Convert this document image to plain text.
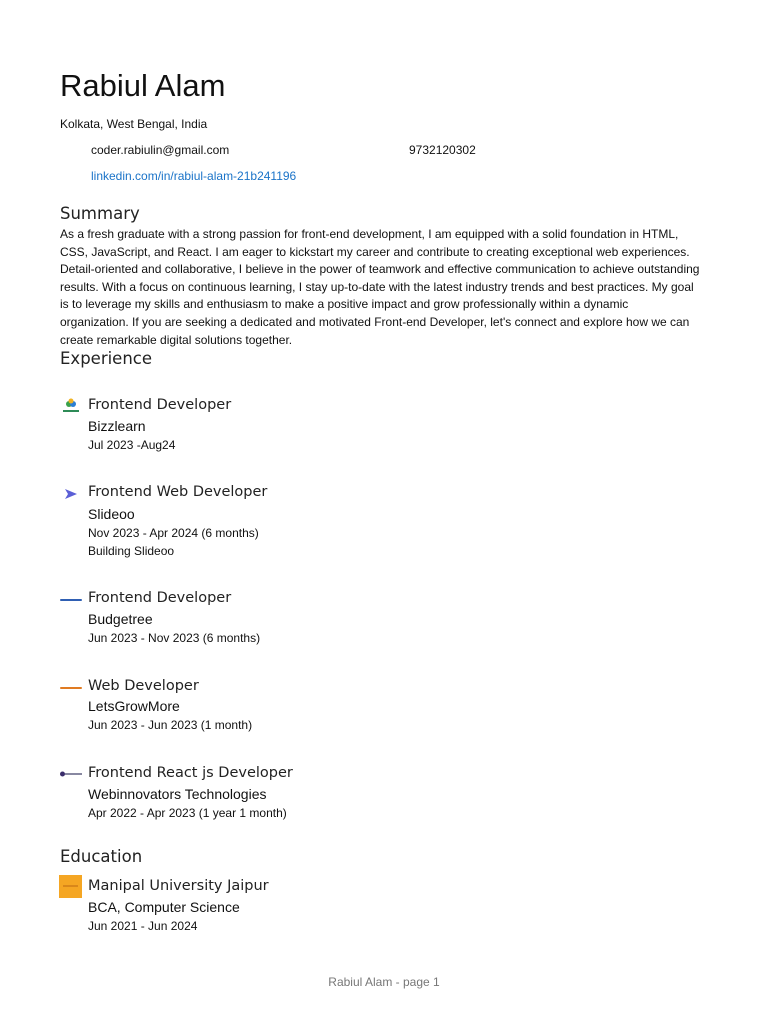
Rabiul Alam
Kolkata, West Bengal, India
coder.rabiulin@gmail.com	9732120302
linkedin.com/in/rabiul-alam-21b241196
Summary
As a fresh graduate with a strong passion for front-end development, I am equipped with a solid foundation in HTML, CSS, JavaScript, and React. I am eager to kickstart my career and contribute to creating exceptional web experiences. Detail-oriented and collaborative, I believe in the power of teamwork and effective communication to achieve outstanding results. With a focus on continuous learning, I stay up-to-date with the latest industry trends and best practices. My goal is to leverage my skills and enthusiasm to make a positive impact and grow professionally within a dynamic organization. If you are seeking a dedicated and motivated Front-end Developer, let's connect and explore how we can create remarkable digital solutions together.
Experience
Frontend Developer
Bizzlearn
Jul 2023 -Aug24
Frontend Web Developer
Slideoo
Nov 2023 - Apr 2024 (6 months)
Building Slideoo
Frontend Developer
Budgetree
Jun 2023 - Nov 2023 (6 months)
Web Developer
LetsGrowMore
Jun 2023 - Jun 2023 (1 month)
Frontend React js Developer
Webinnovators Technologies
Apr 2022 - Apr 2023 (1 year 1 month)
Education
Manipal University Jaipur
BCA, Computer Science
Jun 2021 - Jun 2024
Rabiul Alam - page 1
